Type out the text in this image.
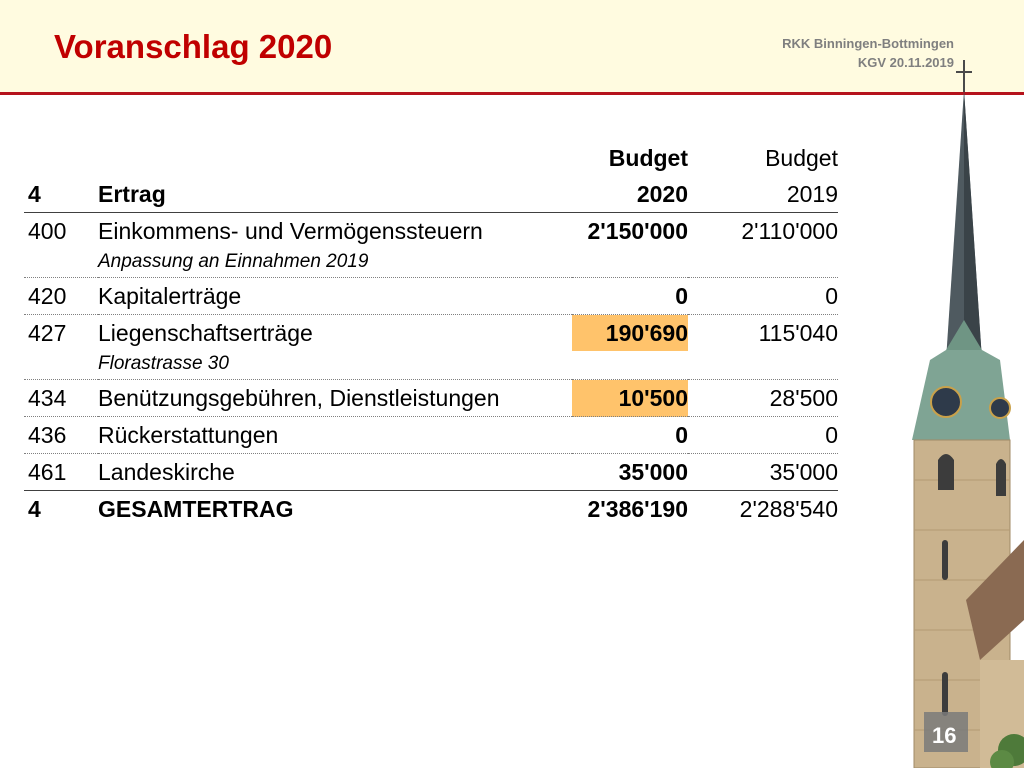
Voranschlag 2020	RKK Binningen-Bottmingen
KGV 20.11.2019
		Budget	Budget
4	Ertrag	2020	2019
400	Einkommens- und Vermögenssteuern	2'150'000	2'110'000
	Anpassung an Einnahmen 2019		
420	Kapitalerträge	0	0
427	Liegenschaftserträge	190'690	115'040
	Florastrasse 30		
434	Benützungsgebühren, Dienstleistungen	10'500	28'500
436	Rückerstattungen	0	0
461	Landeskirche	35'000	35'000
4	GESAMTERTRAG	2'386'190	2'288'540
16
